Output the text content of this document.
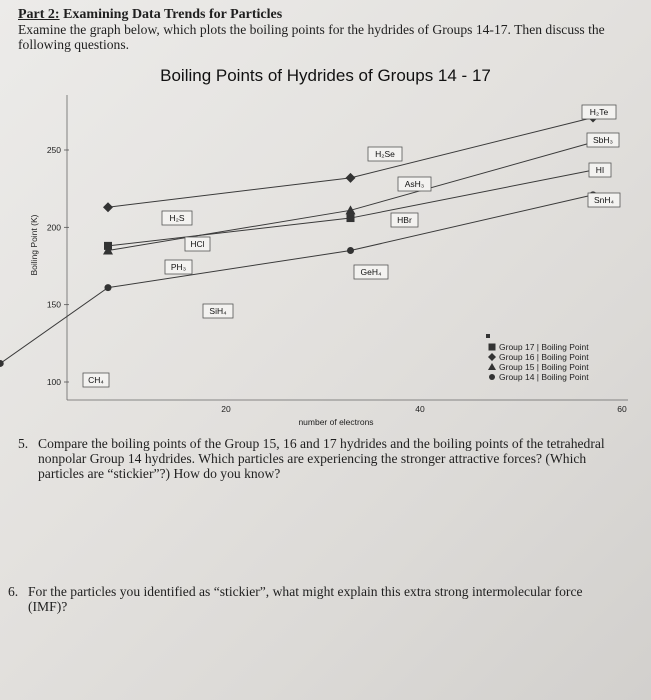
Part 2: Examining Data Trends for Particles
Examine the graph below, which plots the boiling points for the hydrides of Groups 14-17. Then discuss the following questions.
Boiling Points of Hydrides of Groups 14 - 17
100
150
200
250
20	40	60
number of electrons
Boiling Point (K)	HCl
HBr
HI
H₂S
H₂Se
H₂Te
PH₃
AsH₃
SbH₃
CH₄
SiH₄
GeH₄
SnH₄
Group 17 | Boiling Point
Group 16 | Boiling Point
Group 15 | Boiling Point
Group 14 | Boiling Point
5. Compare the boiling points of the Group 15, 16 and 17 hydrides and the boiling points of the tetrahedral
nonpolar Group 14 hydrides. Which particles are experiencing the stronger attractive forces? (Which
particles are “stickier”?) How do you know?
6. For the particles you identified as “stickier”, what might explain this extra strong intermolecular force
(IMF)?
